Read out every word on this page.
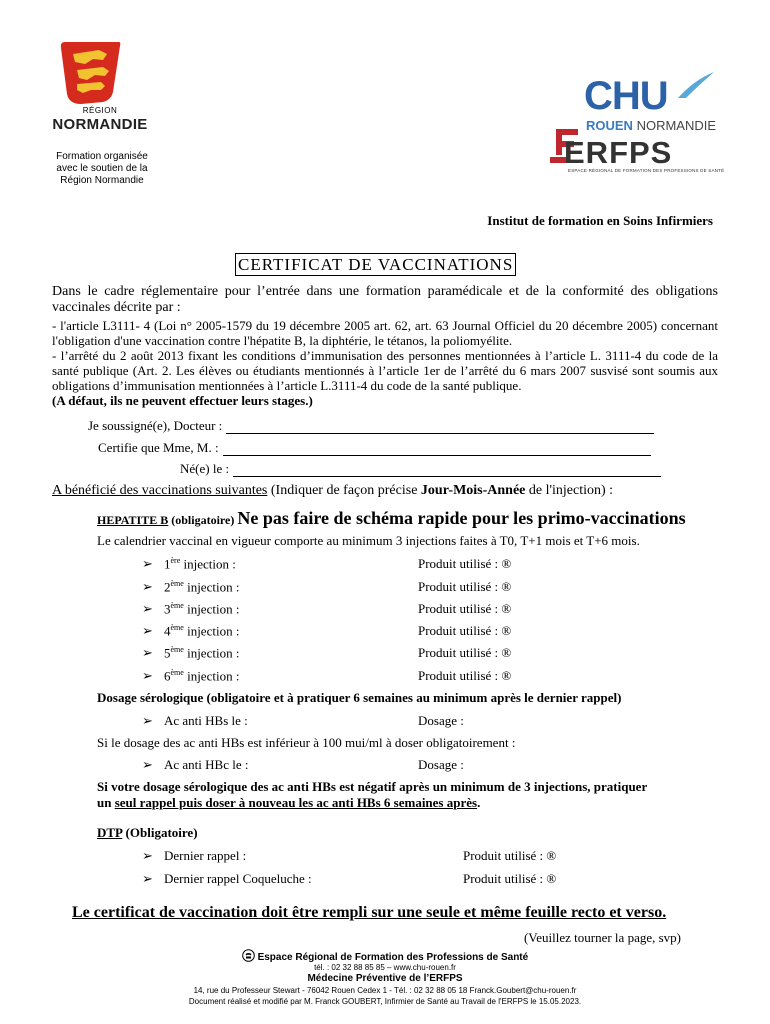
RÉGION
NORMANDIE
Formation organisée
avec le soutien de la
Région Normandie
CHU
ROUEN NORMANDIE
ERFPS
ESPACE RÉGIONAL DE FORMATION DES PROFESSIONS DE SANTÉ
Institut de formation en Soins Infirmiers
CERTIFICAT DE VACCINATIONS
Dans le cadre réglementaire pour l’entrée dans une formation paramédicale et de la conformité des obligations vaccinales décrite par :
- l'article L3111- 4 (Loi n° 2005-1579 du 19 décembre 2005 art. 62, art. 63 Journal Officiel du 20 décembre 2005) concernant l'obligation d'une vaccination contre l'hépatite B, la diphtérie, le tétanos, la poliomyélite.
- l’arrêté du 2 août 2013 fixant les conditions d’immunisation des personnes mentionnées à l’article L. 3111-4 du code de la santé publique (Art. 2. Les élèves ou étudiants mentionnés à l’article 1er de l’arrêté du 6 mars 2007 susvisé sont soumis aux obligations d’immunisation mentionnées à l’article L.3111-4 du code de la santé publique.
(A défaut, ils ne peuvent effectuer leurs stages.)
Je soussigné(e), Docteur :
Certifie que Mme, M. :
Né(e) le :
A bénéficié des vaccinations suivantes (Indiquer de façon précise Jour-Mois-Année de l'injection) :
HEPATITE B (obligatoire) Ne pas faire de schéma rapide pour les primo-vaccinations
Le calendrier vaccinal en vigueur comporte au minimum 3 injections faites à T0, T+1 mois et T+6 mois.
➢ 1ère injection :	Produit utilisé : ®
➢ 2ème injection :	Produit utilisé : ®
➢ 3ème injection :	Produit utilisé : ®
➢ 4ème injection :	Produit utilisé : ®
➢ 5ème injection :	Produit utilisé : ®
➢ 6ème injection :	Produit utilisé : ®
Dosage sérologique (obligatoire et à pratiquer 6 semaines au minimum après le dernier rappel)
➢ Ac anti HBs le :	Dosage :
Si le dosage des ac anti HBs est inférieur à 100 mui/ml à doser obligatoirement :
➢ Ac anti HBc le :	Dosage :
Si votre dosage sérologique des ac anti HBs est négatif après un minimum de 3 injections, pratiquer
un seul rappel puis doser à nouveau les ac anti HBs 6 semaines après.
DTP (Obligatoire)
➢ Dernier rappel :	Produit utilisé : ®
➢ Dernier rappel Coqueluche :	Produit utilisé : ®
Le certificat de vaccination doit être rempli sur une seule et même feuille recto et verso.
(Veuillez tourner la page, svp)
Espace Régional de Formation des Professions de Santé
tél. : 02 32 88 85 85 – www.chu-rouen.fr
Médecine Préventive de l’ERFPS
14, rue du Professeur Stewart - 76042 Rouen Cedex 1 - Tél. : 02 32 88 05 18 Franck.Goubert@chu-rouen.fr
Document réalisé et modifié par M. Franck GOUBERT, Infirmier de Santé au Travail de l'ERFPS le 15.05.2023.
